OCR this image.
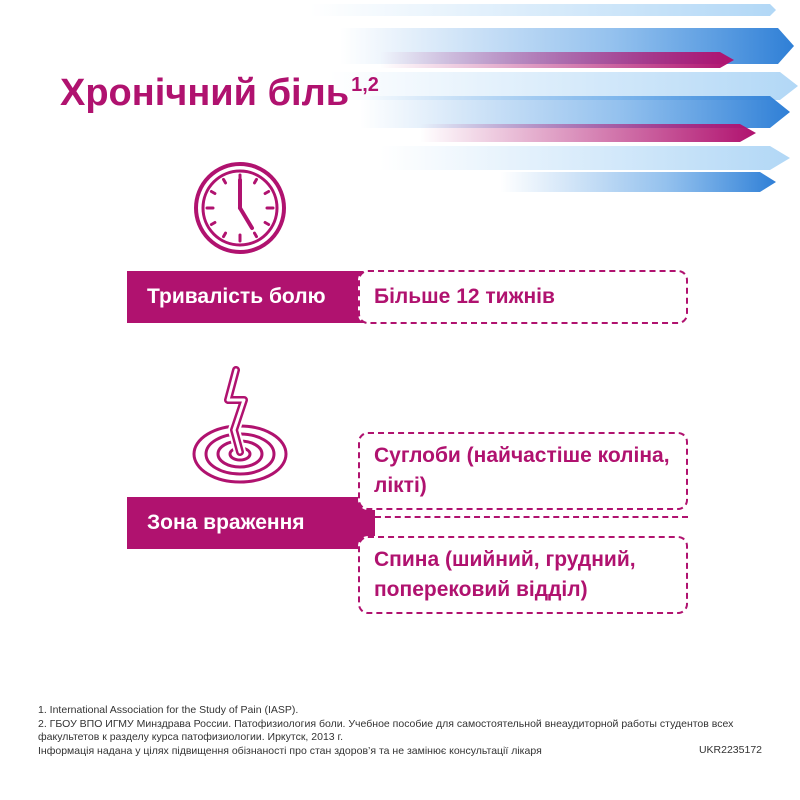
Хронічний біль $^{1,2}$
Тривалість болю	Більше 12 тижнів
Зона враження
Суглоби (найчастіше коліна, лікті)
Спина (шийний, грудний, поперековий відділ)

1. International Association for the Study of Pain (IASP).

2. ГБОУ ВПО ИГМУ Минздрава России. Патофизиология боли. Учебное пособие для самостоятельной внеаудиторной работы студентов всех факультетов к разделу курса патофизиологии. Иркутск, 2013 г.

Інформація надана у цілях підвищення обізнаності про стан здоров’я та не замінює консультації лікаря	UKR2235172
